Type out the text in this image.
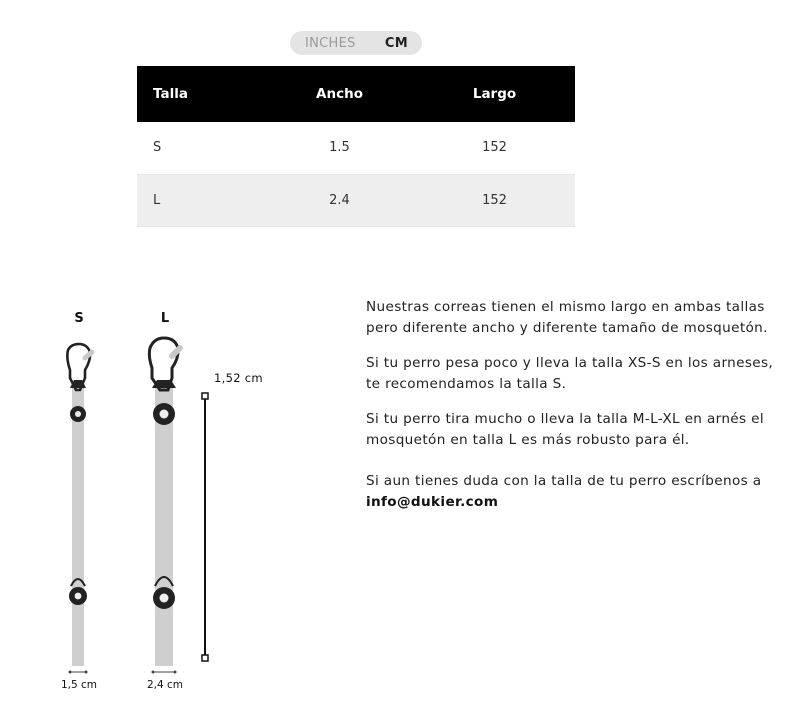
INCHES CM
Talla	Ancho	Largo
S	1.5	152
L	2.4	152
S	L
1,52 cm
1,5 cm	2,4 cm

Nuestras correas tienen el mismo largo en ambas tallas pero diferente ancho y diferente tamaño de mosquetón.

Si tu perro pesa poco y lleva la talla XS-S en los arneses, te recomendamos la talla S.

Si tu perro tira mucho o lleva la talla M-L-XL en arnés el mosquetón en talla L es más robusto para él.

Si aun tienes duda con la talla de tu perro escríbenos a info@dukier.com
